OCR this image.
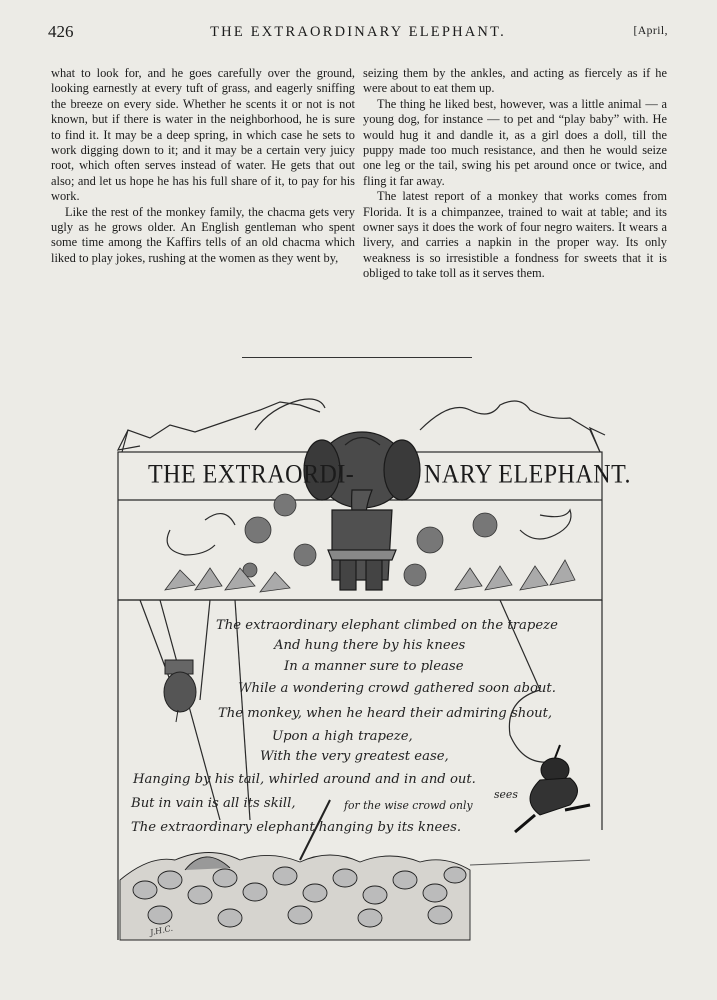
426	THE EXTRAORDINARY ELEPHANT.	[April,

what to look for, and he goes carefully over the ground, looking earnestly at every tuft of grass, and eagerly sniffing the breeze on every side. Whether he scents it or not is not known, but if there is water in the neighborhood, he is sure to find it. It may be a deep spring, in which case he sets to work digging down to it; and it may be a certain very juicy root, which often serves instead of water. He gets that out also; and let us hope he has his full share of it, to pay for his work.

Like the rest of the monkey family, the chacma gets very ugly as he grows older. An English gentleman who spent some time among the Kaffirs tells of an old chacma which liked to play jokes, rushing at the women as they went by,

seizing them by the ankles, and acting as fiercely as if he were about to eat them up.

The thing he liked best, however, was a little animal — a young dog, for instance — to pet and “play baby” with. He would hug it and dandle it, as a girl does a doll, till the puppy made too much resistance, and then he would seize one leg or the tail, swing his pet around once or twice, and fling it far away.

The latest report of a monkey that works comes from Florida. It is a chimpanzee, trained to wait at table; and its owner says it does the work of four negro waiters. It wears a livery, and carries a napkin in the proper way. Its only weakness is so irresistible a fondness for sweets that it is obliged to take toll as it serves them.

THE EXTRAORDI-	NARY ELEPHANT.
The extraordinary elephant climbed on the trapeze
And hung there by his knees
In a manner sure to please
While a wondering crowd gathered soon about.
The monkey, when he heard their admiring shout,
Upon a high trapeze,
With the very greatest ease,
Hanging by his tail, whirled around and in and out.
But in vain is all its skill,	for the wise crowd only
sees
The extraordinary elephant hanging by its knees.
J.H.C.
